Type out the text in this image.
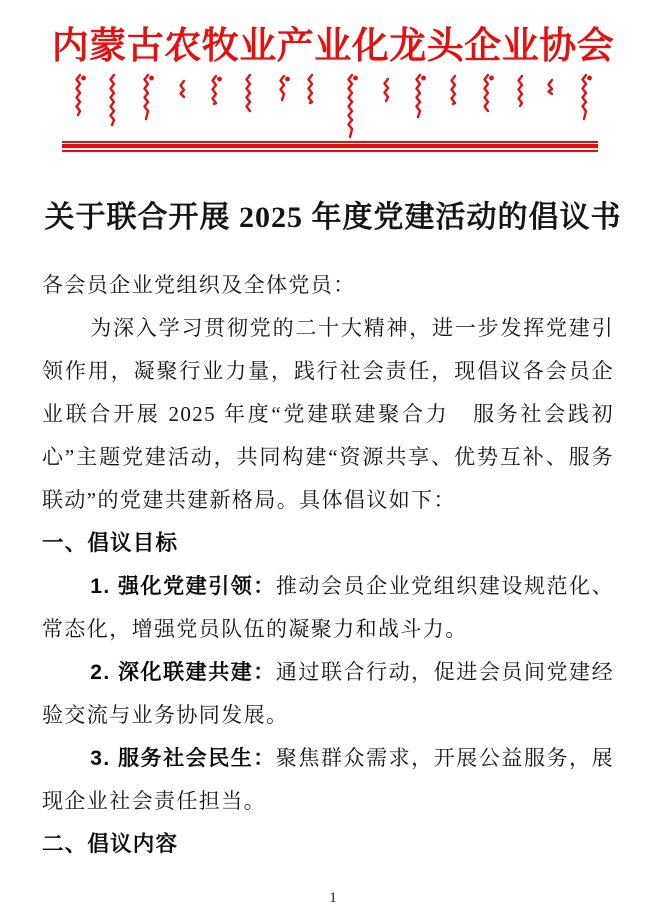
内蒙古农牧业产业化龙头企业协会
关于联合开展 2025 年度党建活动的倡议书

各会员企业党组织及全体党员：

为深入学习贯彻党的二十大精神，进一步发挥党建引领作用，凝聚行业力量，践行社会责任，现倡议各会员企业联合开展 2025 年度“党建联建聚合力　服务社会践初心”主题党建活动，共同构建“资源共享、优势互补、服务联动”的党建共建新格局。具体倡议如下：

一、倡议目标

1. 强化党建引领：推动会员企业党组织建设规范化、常态化，增强党员队伍的凝聚力和战斗力。

2. 深化联建共建：通过联合行动，促进会员间党建经验交流与业务协同发展。

3. 服务社会民生：聚焦群众需求，开展公益服务，展现企业社会责任担当。

二、倡议内容
1
